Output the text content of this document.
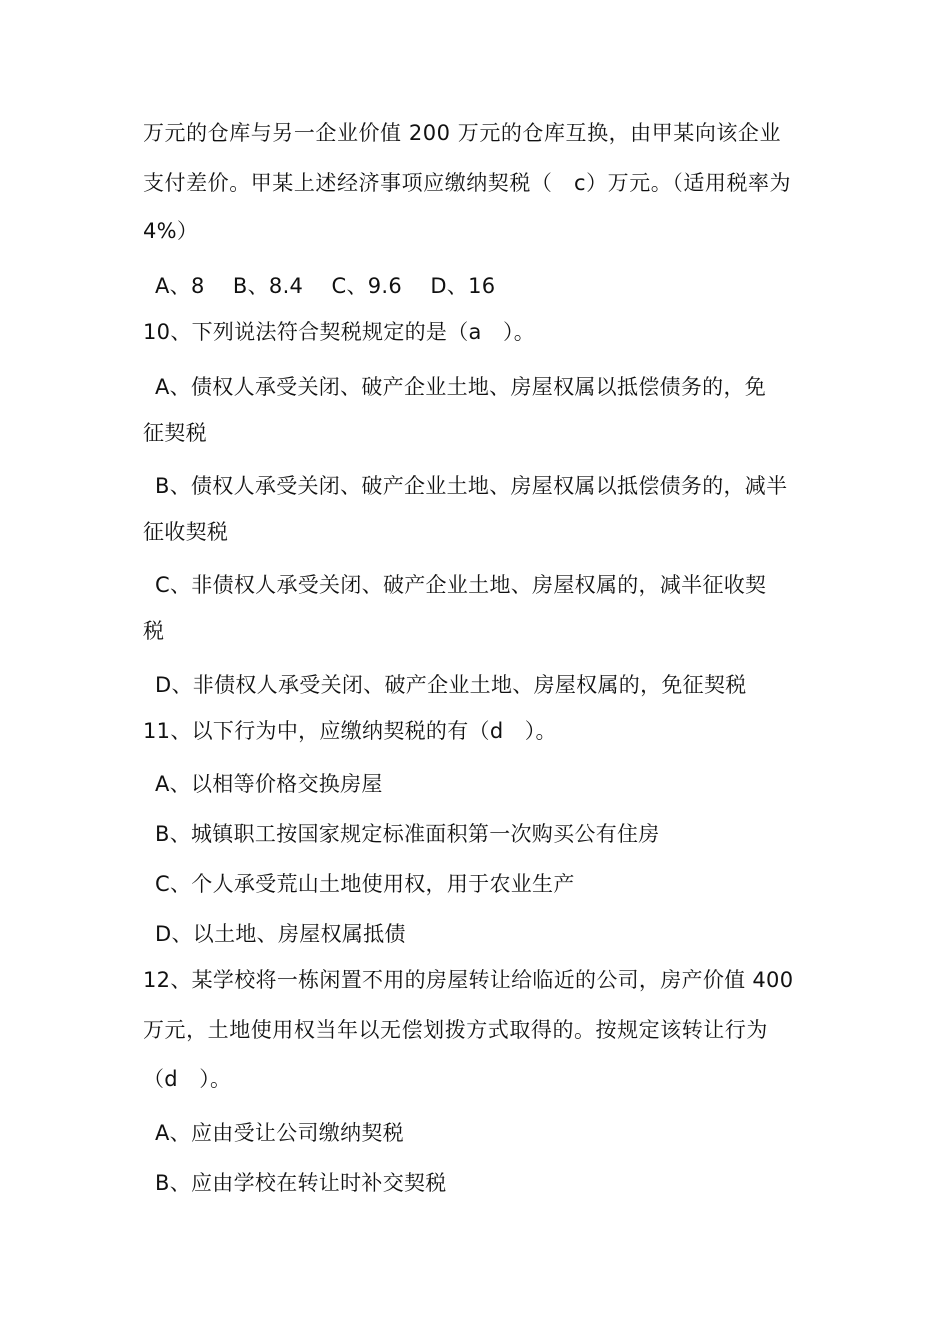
万元的仓库与另一企业价值 200 万元的仓库互换，由甲某向该企业
支付差价。甲某上述经济事项应缴纳契税（　c）万元。（适用税率为
4%）
A、8　 B、8.4　 C、9.6　 D、16
10、下列说法符合契税规定的是（a　）。
A、债权人承受关闭、破产企业土地、房屋权属以抵偿债务的，免
征契税
B、债权人承受关闭、破产企业土地、房屋权属以抵偿债务的，减半
征收契税
C、非债权人承受关闭、破产企业土地、房屋权属的，减半征收契
税
D、非债权人承受关闭、破产企业土地、房屋权属的，免征契税
11、以下行为中，应缴纳契税的有（d　）。
A、以相等价格交换房屋
B、城镇职工按国家规定标准面积第一次购买公有住房
C、个人承受荒山土地使用权，用于农业生产
D、以土地、房屋权属抵债
12、某学校将一栋闲置不用的房屋转让给临近的公司，房产价值 400
万元，土地使用权当年以无偿划拨方式取得的。按规定该转让行为
（d　）。
A、应由受让公司缴纳契税
B、应由学校在转让时补交契税
